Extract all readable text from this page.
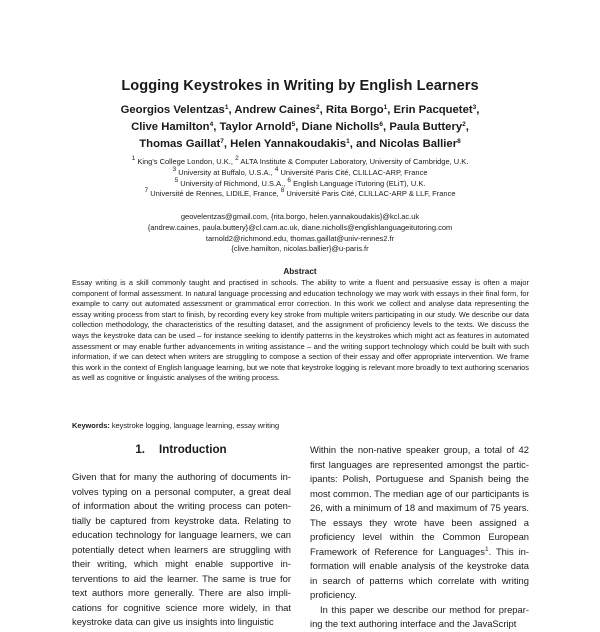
Logging Keystrokes in Writing by English Learners
Georgios Velentzas$^1$, Andrew Caines$^2$, Rita Borgo$^1$, Erin Pacquetet$^3$,
Clive Hamilton$^4$, Taylor Arnold$^5$, Diane Nicholls$^6$, Paula Buttery$^2$,
Thomas Gaillat$^7$, Helen Yannakoudakis$^1$, and Nicolas Ballier$^8$
$^1$ King's College London, U.K., $^2$ ALTA Institute & Computer Laboratory, University of Cambridge, U.K.
$^3$ University at Buffalo, U.S.A., $^4$ Université Paris Cité, CLILLAC-ARP, France
$^5$ University of Richmond, U.S.A., $^6$ English Language iTutoring (ELiT), U.K.
$^7$ Université de Rennes, LIDILE, France, $^8$ Université Paris Cité, CLILLAC-ARP & LLF, France
geovelentzas@gmail.com, {rita.borgo, helen.yannakoudakis}@kcl.ac.uk
{andrew.caines, paula.buttery}@cl.cam.ac.uk, diane.nicholls@englishlanguageitutoring.com
tarnold2@richmond.edu, thomas.gaillat@univ-rennes2.fr
{clive.hamilton, nicolas.ballier}@u-paris.fr
Abstract
Essay writing is a skill commonly taught and practised in schools. The ability to write a fluent and persuasive essay is often a major component of formal assessment. In natural language processing and education technology we may work with essays in their final form, for example to carry out automated assessment or grammatical error correction. In this work we collect and analyse data representing the essay writing process from start to finish, by recording every key stroke from multiple writers participating in our study. We describe our data collection methodology, the characteristics of the resulting dataset, and the assignment of proficiency levels to the texts. We discuss the ways the keystroke data can be used – for instance seeking to identify patterns in the keystrokes which might act as features in automated assessment or may enable further advancements in writing assistance – and the writing support technology which could be built with such information, if we can detect when writers are struggling to compose a section of their essay and offer appropriate intervention. We frame this work in the context of English language learning, but we note that keystroke logging is relevant more broadly to text authoring scenarios as well as cognitive or linguistic analyses of the writing process.
Keywords: keystroke logging, language learning, essay writing
1. Introduction

Given that for many the authoring of documents involves typing on a personal computer, a great deal of information about the writing process can potentially be captured from keystroke data. Relating to education technology for language learners, we can potentially detect when learners are struggling with their writing, which might enable supportive interventions to aid the learner. The same is true for text authors more generally. There are also implications for cognitive science more widely, in that keystroke data can give us insights into linguistic

Within the non-native speaker group, a total of 42 first languages are represented amongst the participants: Polish, Portuguese and Spanish being the most common. The median age of our participants is 26, with a minimum of 18 and maximum of 75 years. The essays they wrote have been assigned a proficiency level within the Common European Framework of Reference for Languages$^1$. This information will enable analysis of the keystroke data in search of patterns which correlate with writing proficiency.

In this paper we describe our method for preparing the text authoring interface and the JavaScript
